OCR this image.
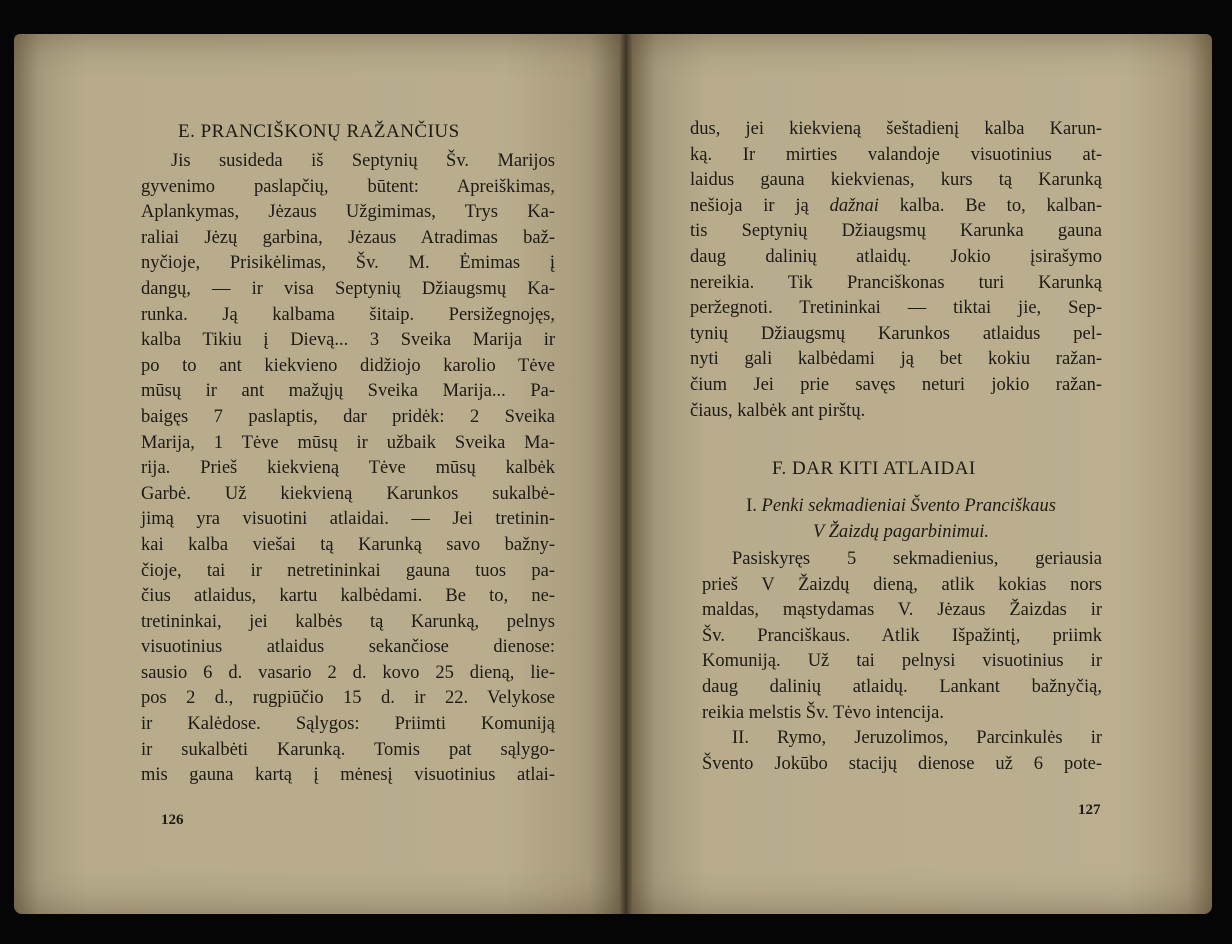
E. PRANCIŠKONŲ RAŽANČIUS
Jis susideda iš Septynių Šv. Marijos
gyvenimo paslapčių, būtent: Apreiškimas,
Aplankymas, Jėzaus Užgimimas, Trys Ka-
raliai Jėzų garbina, Jėzaus Atradimas baž-
nyčioje, Prisikėlimas, Šv. M. Ėmimas į
dangų, — ir visa Septynių Džiaugsmų Ka-
runka. Ją kalbama šitaip. Persižegnojęs,
kalba Tikiu į Dievą... 3 Sveika Marija ir
po to ant kiekvieno didžiojo karolio Tėve
mūsų ir ant mažųjų Sveika Marija... Pa-
baigęs 7 paslaptis, dar pridėk: 2 Sveika
Marija, 1 Tėve mūsų ir užbaik Sveika Ma-
rija. Prieš kiekvieną Tėve mūsų kalbėk
Garbė. Už kiekvieną Karunkos sukalbė-
jimą yra visuotini atlaidai. — Jei tretinin-
kai kalba viešai tą Karunką savo bažny-
čioje, tai ir netretininkai gauna tuos pa-
čius atlaidus, kartu kalbėdami. Be to, ne-
tretininkai, jei kalbės tą Karunką, pelnys
visuotinius atlaidus sekančiose dienose:
sausio 6 d. vasario 2 d. kovo 25 dieną, lie-
pos 2 d., rugpiūčio 15 d. ir 22. Velykose
ir Kalėdose. Sąlygos: Priimti Komuniją
ir sukalbėti Karunką. Tomis pat sąlygo-
mis gauna kartą į mėnesį visuotinius atlai-
126
dus, jei kiekvieną šeštadienį kalba Karun-
ką. Ir mirties valandoje visuotinius at-
laidus gauna kiekvienas, kurs tą Karunką
nešioja ir ją dažnai kalba. Be to, kalban-
tis Septynių Džiaugsmų Karunka gauna
daug dalinių atlaidų. Jokio įsirašymo
nereikia. Tik Pranciškonas turi Karunką
peržegnoti. Tretininkai — tiktai jie, Sep-
tynių Džiaugsmų Karunkos atlaidus pel-
nyti gali kalbėdami ją bet kokiu ražan-
čium Jei prie savęs neturi jokio ražan-
čiaus, kalbėk ant pirštų.
F. DAR KITI ATLAIDAI
I. Penki sekmadieniai Švento Pranciškaus
V Žaizdų pagarbinimui.
Pasiskyręs 5 sekmadienius, geriausia
prieš V Žaizdų dieną, atlik kokias nors
maldas, mąstydamas V. Jėzaus Žaizdas ir
Šv. Pranciškaus. Atlik Išpažintį, priimk
Komuniją. Už tai pelnysi visuotinius ir
daug dalinių atlaidų. Lankant bažnyčią,
reikia melstis Šv. Tėvo intencija.
II. Rymo, Jeruzolimos, Parcinkulės ir
Švento Jokūbo stacijų dienose už 6 pote-
127
